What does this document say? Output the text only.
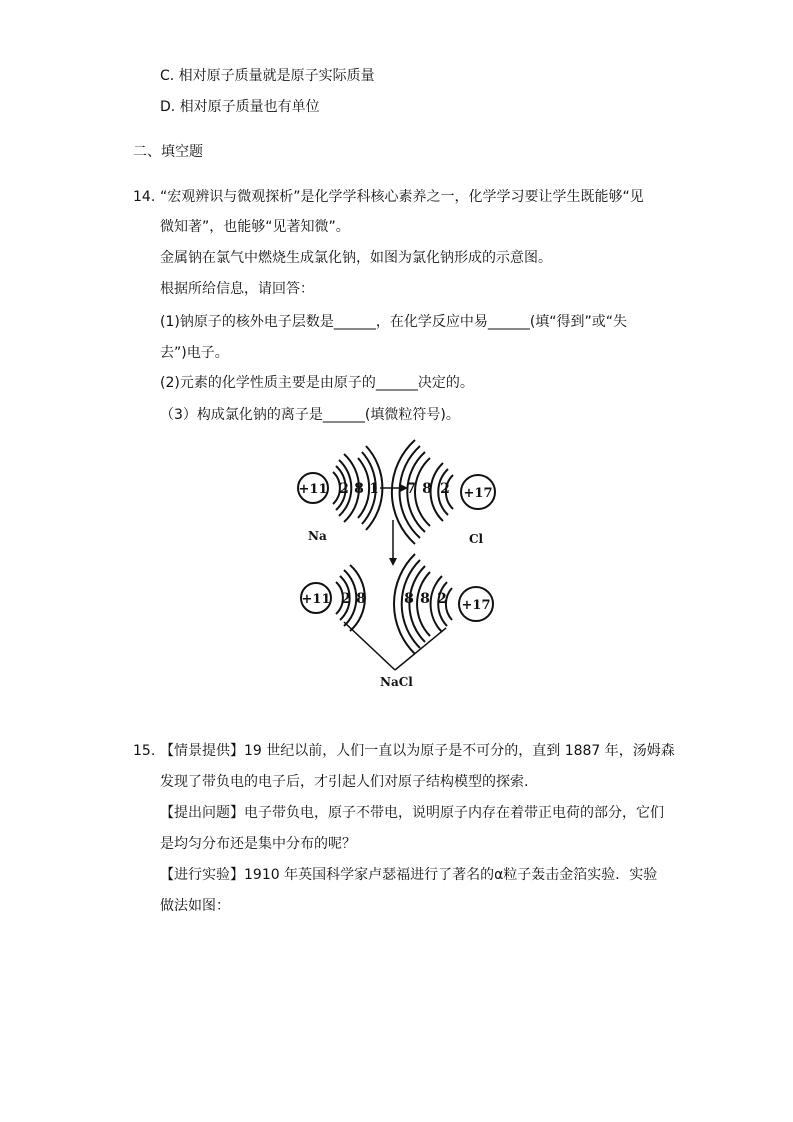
C. 相对原子质量就是原子实际质量
D. 相对原子质量也有单位
二、填空题
14. “宏观辨识与微观探析”是化学学科核心素养之一，化学学习要让学生既能够“见
微知著”，也能够“见著知微”。
金属钠在氯气中燃烧生成氯化钠，如图为氯化钠形成的示意图。
根据所给信息，请回答：
(1)钠原子的核外电子层数是______，在化学反应中易______(填“得到”或“失
去”)电子。
(2)元素的化学性质主要是由原子的______决定的。
（3）构成氯化钠的离子是______(填微粒符号)。
+11 2 8 1
Na
7 8 2 +17
Cl
+11 2 8	8 8 2 +17
NaCl
15. 【情景提供】19 世纪以前，人们一直以为原子是不可分的，直到 1887 年，汤姆森
发现了带负电的电子后，才引起人们对原子结构模型的探索.
【提出问题】电子带负电，原子不带电，说明原子内存在着带正电荷的部分，它们
是均匀分布还是集中分布的呢？
【进行实验】1910 年英国科学家卢瑟福进行了著名的α粒子轰击金箔实验．实验
做法如图：
